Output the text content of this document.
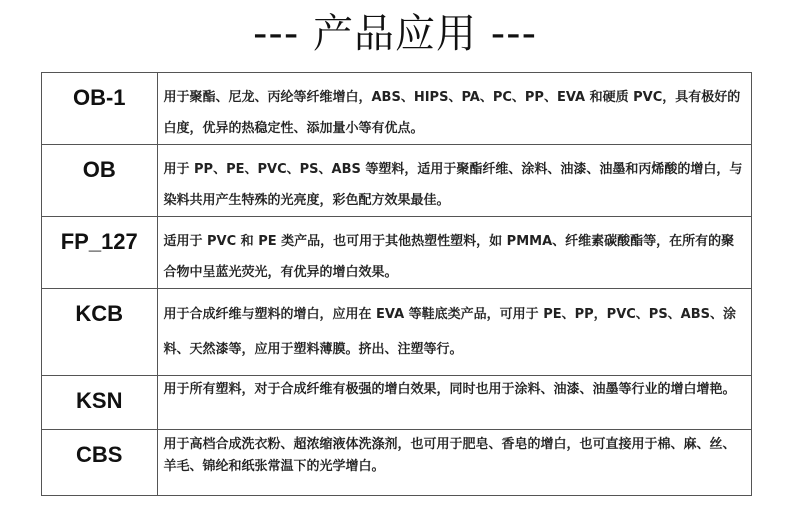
--- 产品应用 ---
OB-1	用于聚酯、尼龙、丙纶等纤维增白，ABS、HIPS、PA、PC、PP、EVA 和硬质 PVC，具有极好的白度，优异的热稳定性、添加量小等有优点。
OB	用于 PP、PE、PVC、PS、ABS 等塑料，适用于聚酯纤维、涂料、油漆、油墨和丙烯酸的增白，与染料共用产生特殊的光亮度，彩色配方效果最佳。
FP_127	适用于 PVC 和 PE 类产品，也可用于其他热塑性塑料，如 PMMA、纤维素碳酸酯等，在所有的聚合物中呈蓝光荧光，有优异的增白效果。
KCB	用于合成纤维与塑料的增白，应用在 EVA 等鞋底类产品，可用于 PE、PP，PVC、PS、ABS、涂料、天然漆等，应用于塑料薄膜。挤出、注塑等行。
KSN	用于所有塑料，对于合成纤维有极强的增白效果，同时也用于涂料、油漆、油墨等行业的增白增艳。
CBS	用于高档合成洗衣粉、超浓缩液体洗涤剂，也可用于肥皂、香皂的增白，也可直接用于棉、麻、丝、羊毛、锦纶和纸张常温下的光学增白。
